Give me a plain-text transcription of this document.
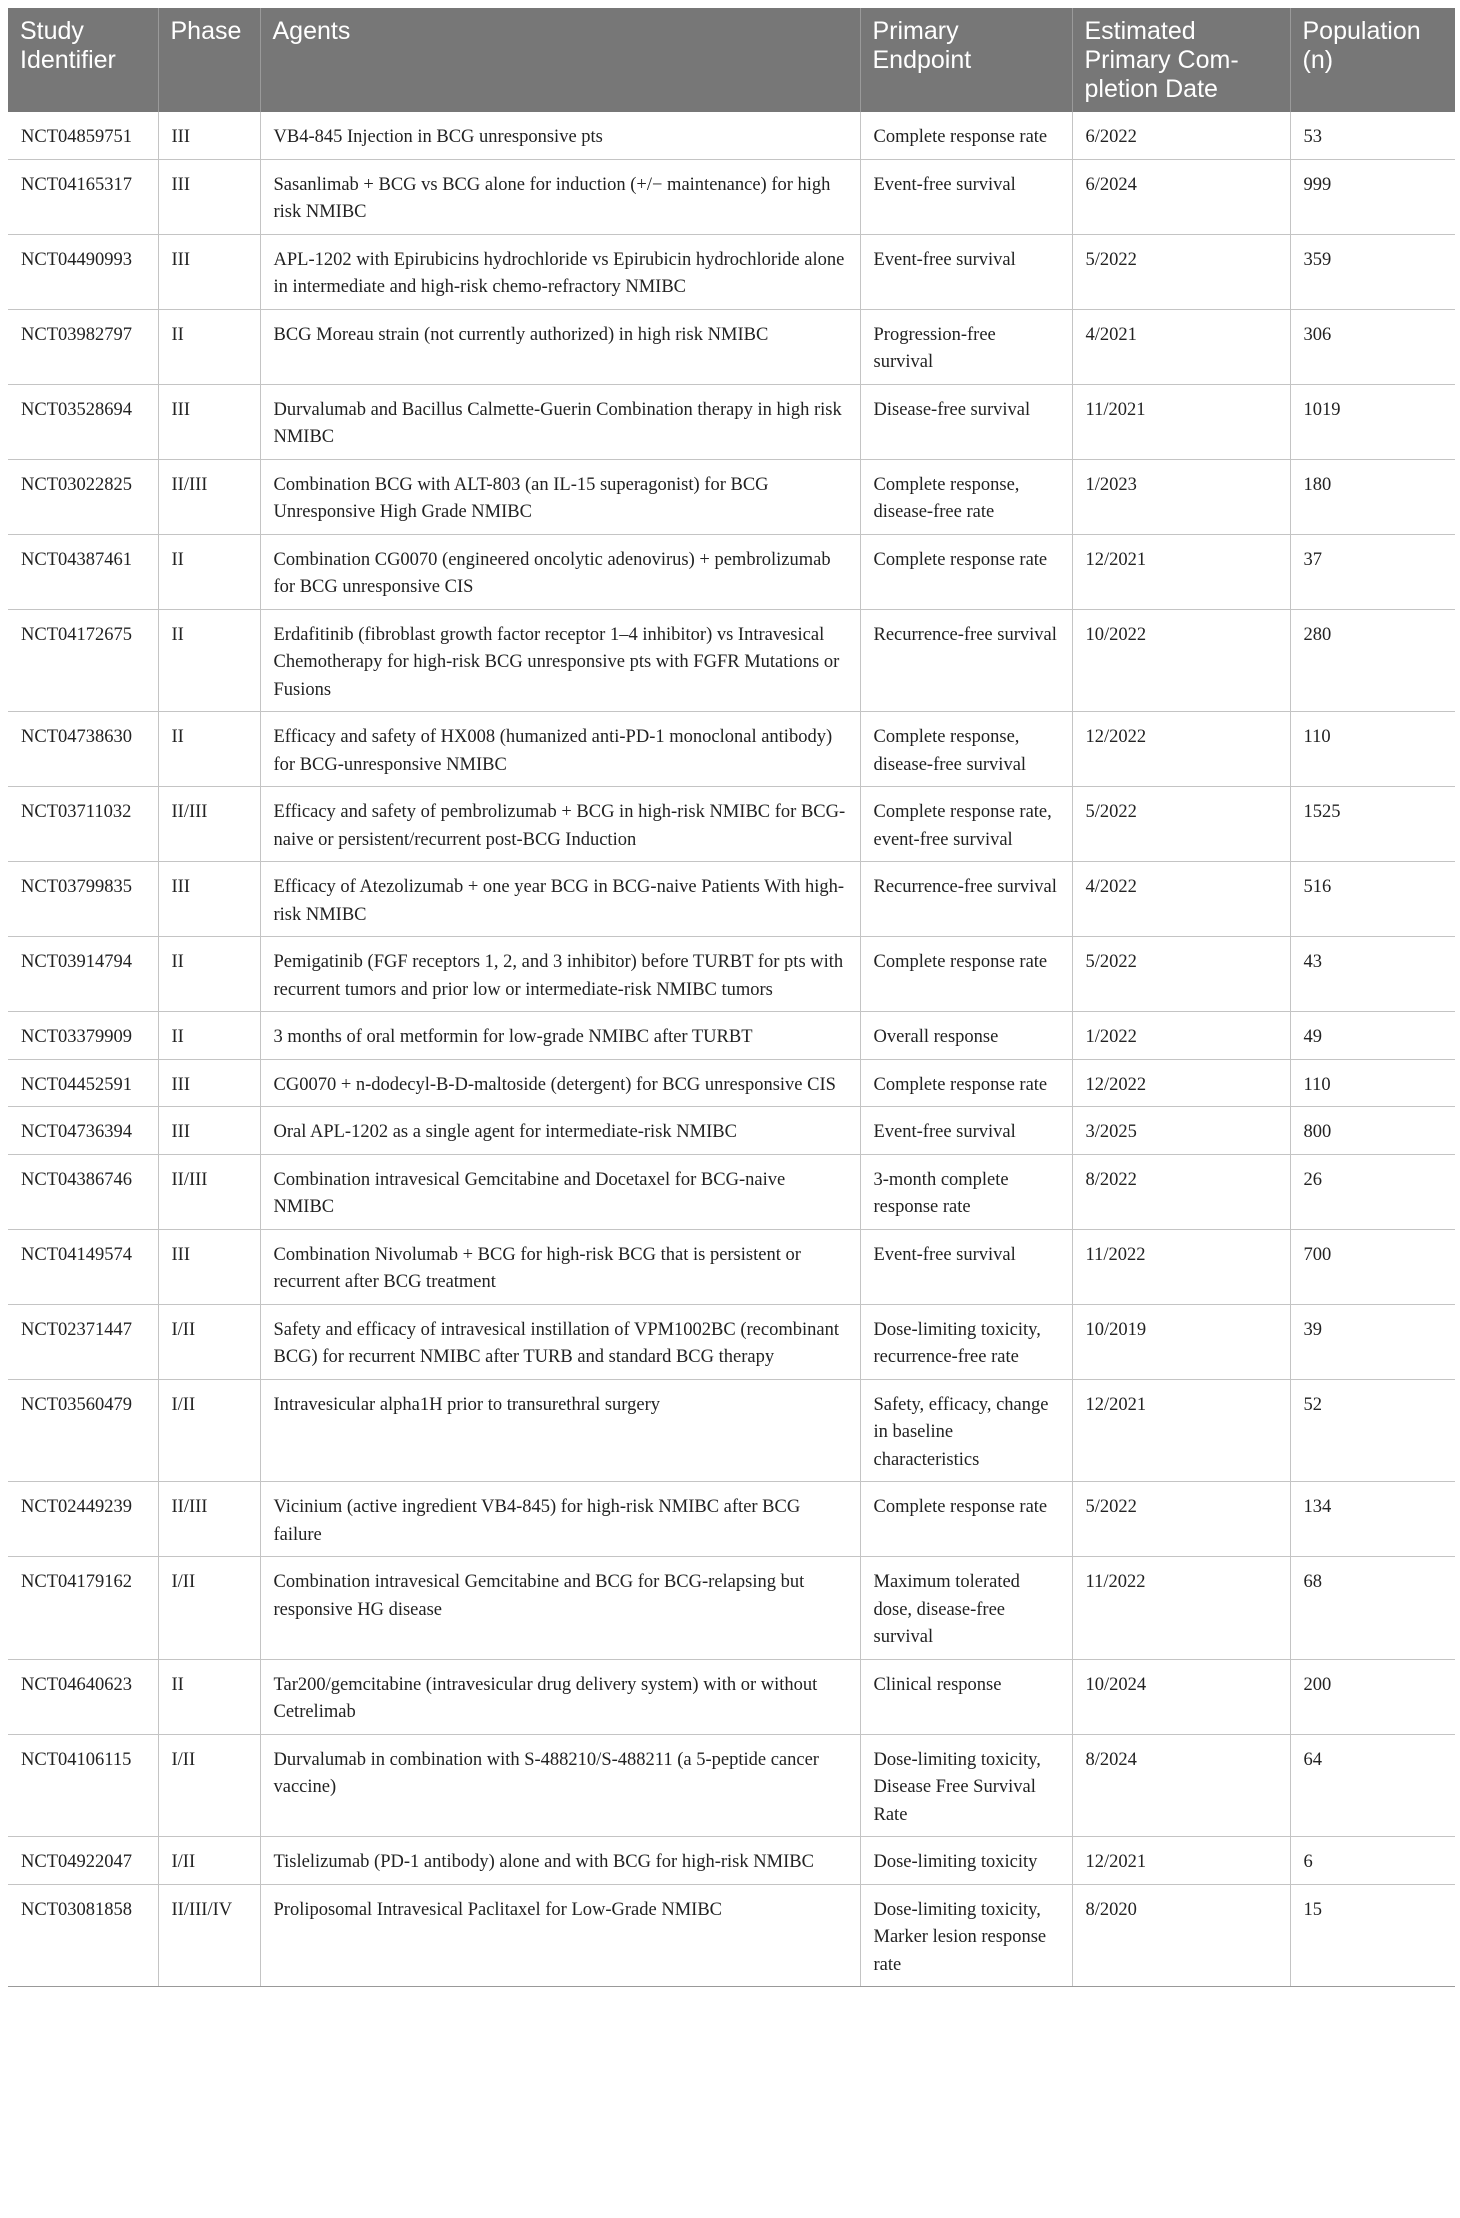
Study Identifier	Phase	Agents	Primary Endpoint	Estimated Primary Com-pletion Date	Population (n)
NCT04859751	III	VB4-845 Injection in BCG unresponsive pts	Complete response rate	6/2022	53
NCT04165317	III	Sasanlimab + BCG vs BCG alone for induction (+/− maintenance) for high risk NMIBC	Event-free survival	6/2024	999
NCT04490993	III	APL-1202 with Epirubicins hydrochloride vs Epirubicin hydrochloride alone in intermediate and high-risk chemo-refractory NMIBC	Event-free survival	5/2022	359
NCT03982797	II	BCG Moreau strain (not currently authorized) in high risk NMIBC	Progression-free survival	4/2021	306
NCT03528694	III	Durvalumab and Bacillus Calmette-Guerin Combination therapy in high risk NMIBC	Disease-free survival	11/2021	1019
NCT03022825	II/III	Combination BCG with ALT-803 (an IL-15 superagonist) for BCG Unresponsive High Grade NMIBC	Complete response, disease-free rate	1/2023	180
NCT04387461	II	Combination CG0070 (engineered oncolytic adenovirus) + pembrolizumab for BCG unresponsive CIS	Complete response rate	12/2021	37
NCT04172675	II	Erdafitinib (fibroblast growth factor receptor 1–4 inhibitor) vs Intravesical Chemotherapy for high-risk BCG unresponsive pts with FGFR Mutations or Fusions	Recurrence-free survival	10/2022	280
NCT04738630	II	Efficacy and safety of HX008 (humanized anti-PD-1 monoclonal antibody) for BCG-unresponsive NMIBC	Complete response, disease-free survival	12/2022	110
NCT03711032	II/III	Efficacy and safety of pembrolizumab + BCG in high-risk NMIBC for BCG-naive or persistent/recurrent post-BCG Induction	Complete response rate, event-free survival	5/2022	1525
NCT03799835	III	Efficacy of Atezolizumab + one year BCG in BCG-naive Patients With high-risk NMIBC	Recurrence-free survival	4/2022	516
NCT03914794	II	Pemigatinib (FGF receptors 1, 2, and 3 inhibitor) before TURBT for pts with recurrent tumors and prior low or intermediate-risk NMIBC tumors	Complete response rate	5/2022	43
NCT03379909	II	3 months of oral metformin for low-grade NMIBC after TURBT	Overall response	1/2022	49
NCT04452591	III	CG0070 + n-dodecyl-B-D-maltoside (detergent) for BCG unresponsive CIS	Complete response rate	12/2022	110
NCT04736394	III	Oral APL-1202 as a single agent for intermediate-risk NMIBC	Event-free survival	3/2025	800
NCT04386746	II/III	Combination intravesical Gemcitabine and Docetaxel for BCG-naive NMIBC	3-month complete response rate	8/2022	26
NCT04149574	III	Combination Nivolumab + BCG for high-risk BCG that is persistent or recurrent after BCG treatment	Event-free survival	11/2022	700
NCT02371447	I/II	Safety and efficacy of intravesical instillation of VPM1002BC (recombinant BCG) for recurrent NMIBC after TURB and standard BCG therapy	Dose-limiting toxicity, recurrence-free rate	10/2019	39
NCT03560479	I/II	Intravesicular alpha1H prior to transurethral surgery	Safety, efficacy, change in baseline characteristics	12/2021	52
NCT02449239	II/III	Vicinium (active ingredient VB4-845) for high-risk NMIBC after BCG failure	Complete response rate	5/2022	134
NCT04179162	I/II	Combination intravesical Gemcitabine and BCG for BCG-relapsing but responsive HG disease	Maximum tolerated dose, disease-free survival	11/2022	68
NCT04640623	II	Tar200/gemcitabine (intravesicular drug delivery system) with or without Cetrelimab	Clinical response	10/2024	200
NCT04106115	I/II	Durvalumab in combination with S-488210/S-488211 (a 5-peptide cancer vaccine)	Dose-limiting toxicity, Disease Free Survival Rate	8/2024	64
NCT04922047	I/II	Tislelizumab (PD-1 antibody) alone and with BCG for high-risk NMIBC	Dose-limiting toxicity	12/2021	6
NCT03081858	II/III/IV	Proliposomal Intravesical Paclitaxel for Low-Grade NMIBC	Dose-limiting toxicity, Marker lesion response rate	8/2020	15
